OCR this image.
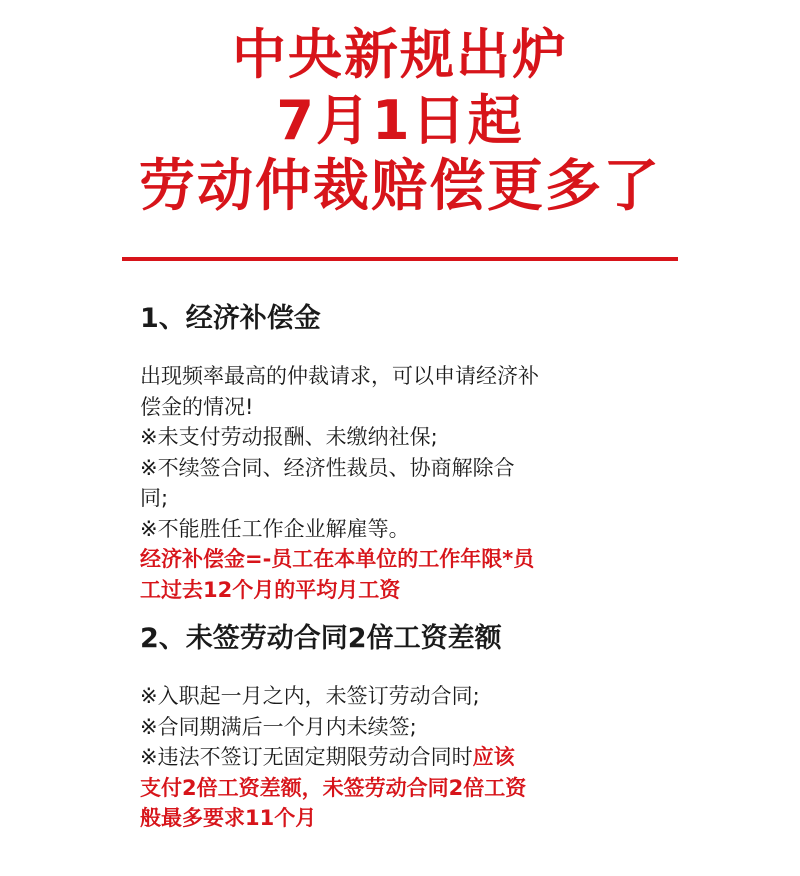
中央新规出炉
7月1日起
劳动仲裁赔偿更多了
1、经济补偿金
出现频率最高的仲裁请求，可以申请经济补
偿金的情况!
※未支付劳动报酬、未缴纳社保;
※不续签合同、经济性裁员、协商解除合
同;
※不能胜任工作企业解雇等。
经济补偿金=-员工在本单位的工作年限*员
工过去12个月的平均月工资
2、未签劳动合同2倍工资差额
※入职起一月之内，未签订劳动合同;
※合同期满后一个月内未续签;
※违法不签订无固定期限劳动合同时应该
支付2倍工资差额，未签劳动合同2倍工资
般最多要求11个月
